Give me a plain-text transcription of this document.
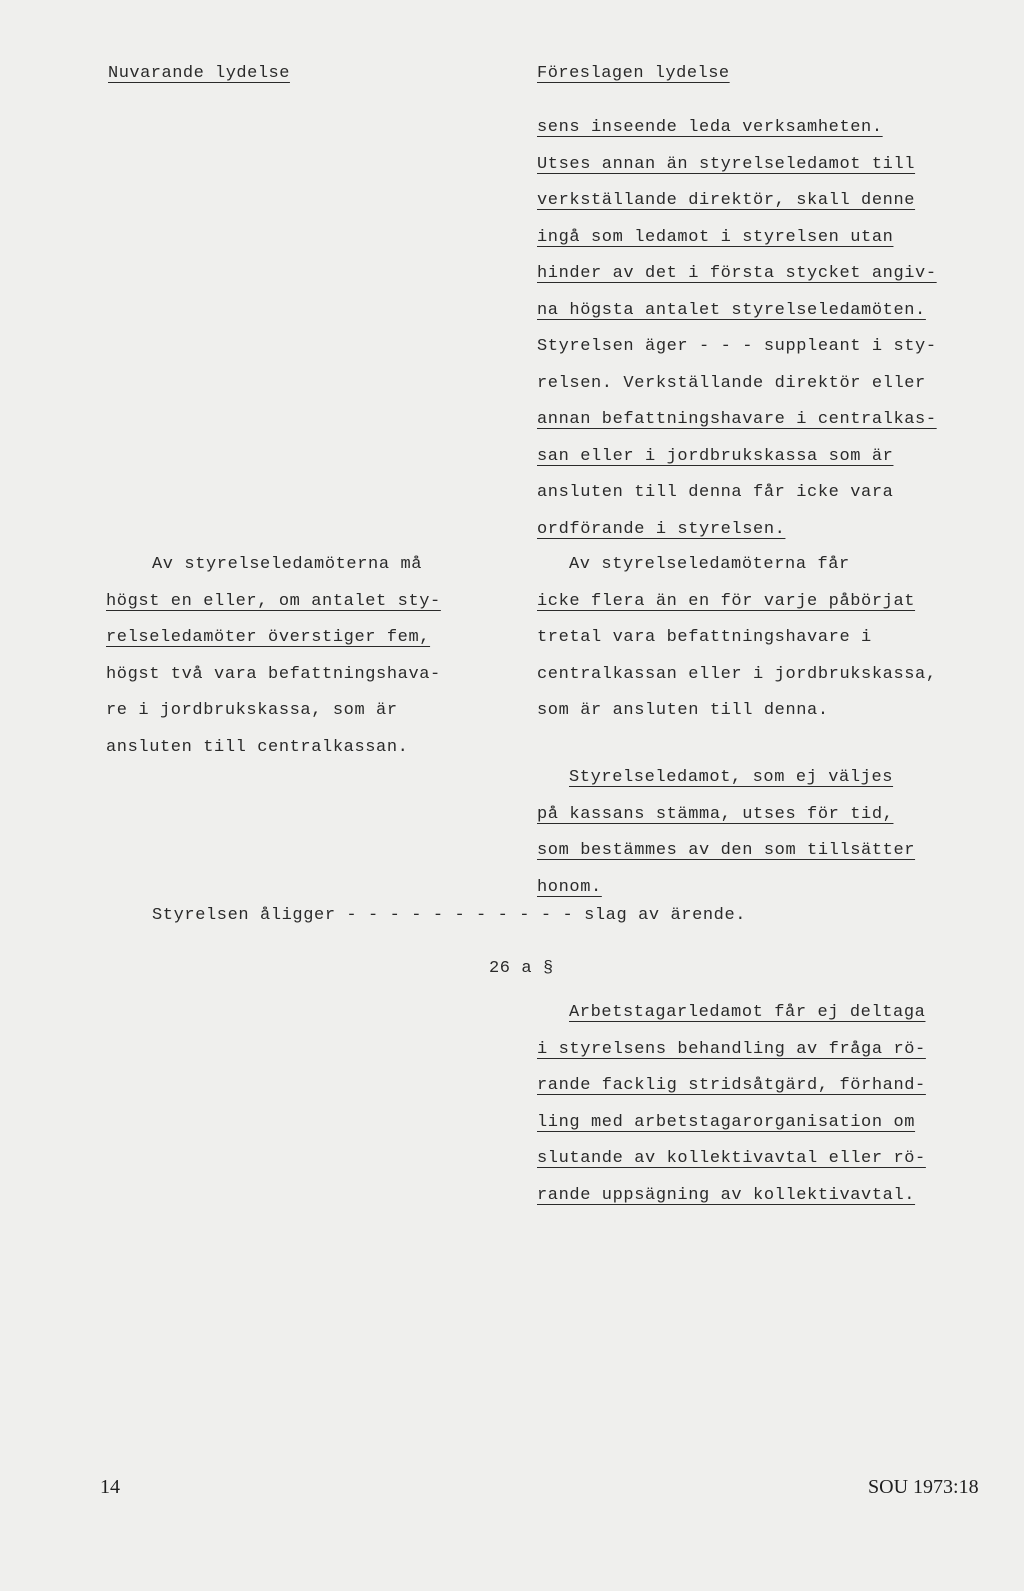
Nuvarande lydelse	Föreslagen lydelse
sens inseende leda verksamheten.
Utses annan än styrelseledamot till
verkställande direktör, skall denne
ingå som ledamot i styrelsen utan
hinder av det i första stycket angiv-
na högsta antalet styrelseledamöten.
Styrelsen äger - - - suppleant i sty-
relsen. Verkställande direktör eller
annan befattningshavare i centralkas-
san eller i jordbrukskassa som är
ansluten till denna får icke vara
ordförande i styrelsen.
Av styrelseledamöterna må
högst en eller, om antalet sty-
relseledamöter överstiger fem,
högst två vara befattningshava-
re i jordbrukskassa, som är
ansluten till centralkassan.
Av styrelseledamöterna får
icke flera än en för varje påbörjat
tretal vara befattningshavare i
centralkassan eller i jordbrukskassa,
som är ansluten till denna.
Styrelseledamot, som ej väljes
på kassans stämma, utses för tid,
som bestämmes av den som tillsätter
honom.
Styrelsen åligger - - - - - - - - - - - slag av ärende.
26 a §
Arbetstagarledamot får ej deltaga
i styrelsens behandling av fråga rö-
rande facklig stridsåtgärd, förhand-
ling med arbetstagarorganisation om
slutande av kollektivavtal eller rö-
rande uppsägning av kollektivavtal.
14	SOU 1973:18
